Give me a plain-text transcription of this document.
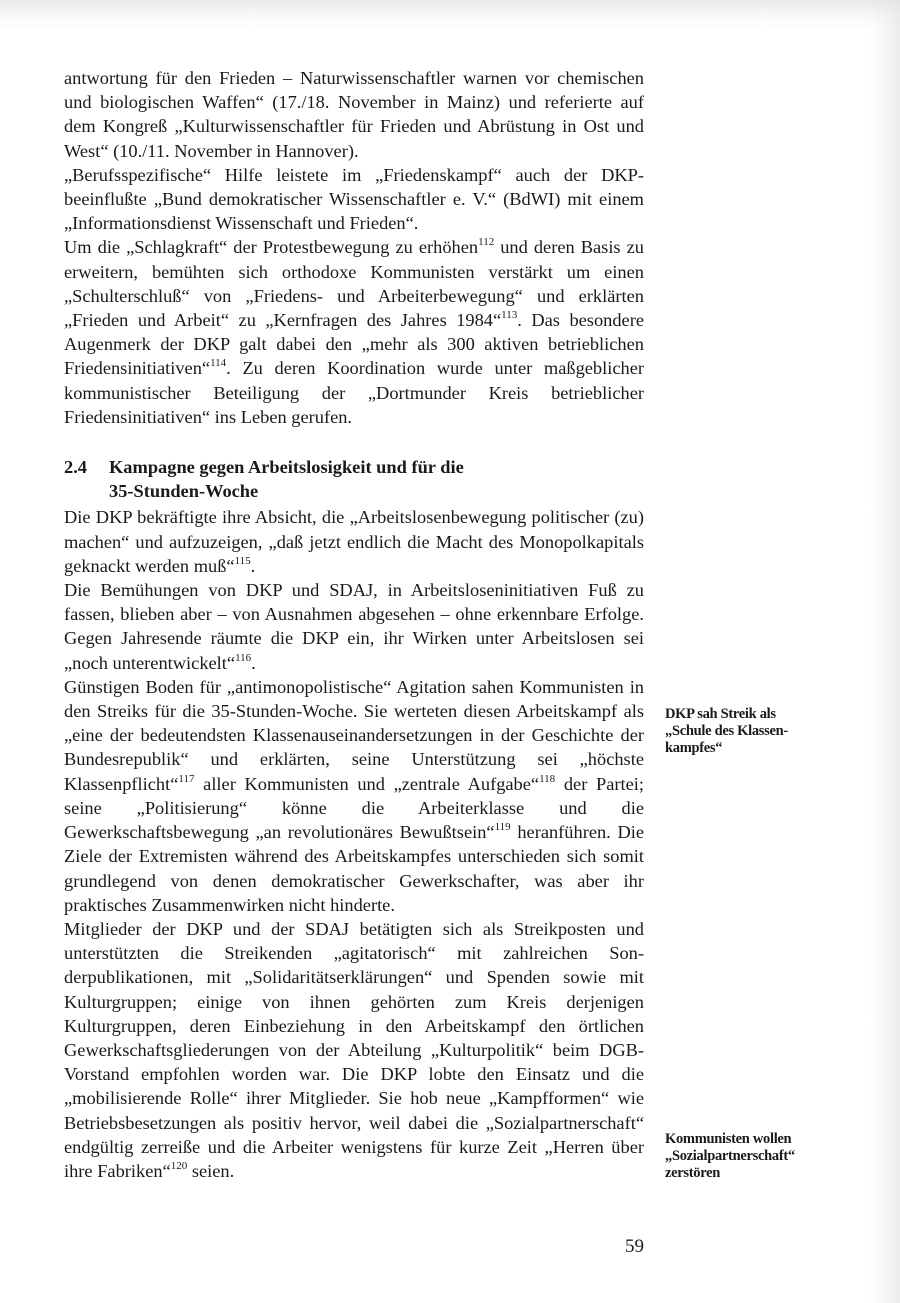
antwortung für den Frieden – Naturwissenschaftler warnen vor chemischen und biologischen Waffen“ (17./18. November in Mainz) und referierte auf dem Kongreß „Kulturwissenschaftler für Frieden und Abrüstung in Ost und West“ (10./11. November in Hannover).

„Berufsspezifische“ Hilfe leistete im „Friedenskampf“ auch der DKP-beeinflußte „Bund demokratischer Wissenschaftler e. V.“ (BdWI) mit einem „Informationsdienst Wissenschaft und Frieden“.

Um die „Schlagkraft“ der Protestbewegung zu erhöhen$^{112}$ und deren Basis zu erweitern, bemühten sich orthodoxe Kommunisten verstärkt um einen „Schulterschluß“ von „Friedens- und Arbeiterbewegung“ und erklärten „Frieden und Arbeit“ zu „Kernfragen des Jahres 1984“$^{113}$. Das besondere Augenmerk der DKP galt dabei den „mehr als 300 aktiven betrieblichen Friedensinitiativen“$^{114}$. Zu deren Koordination wurde unter maßgeblicher kommunistischer Beteiligung der „Dortmunder Kreis betrieblicher Friedensinitiativen“ ins Leben gerufen.

2.4	Kampagne gegen Arbeitslosigkeit und für die
35-Stunden-Woche

Die DKP bekräftigte ihre Absicht, die „Arbeitslosenbewegung politischer (zu) machen“ und aufzuzeigen, „daß jetzt endlich die Macht des Monopolkapitals geknackt werden muß“$^{115}$.

Die Bemühungen von DKP und SDAJ, in Arbeitsloseninitiativen Fuß zu fassen, blieben aber – von Ausnahmen abgesehen – ohne erkennbare Erfolge. Gegen Jahresende räumte die DKP ein, ihr Wirken unter Arbeitslosen sei „noch unterentwickelt“$^{116}$.

Günstigen Boden für „antimonopolistische“ Agitation sahen Kommunisten in den Streiks für die 35-Stunden-Woche. Sie werteten diesen Arbeitskampf als „eine der bedeutendsten Klassenauseinandersetzungen in der Geschichte der Bundesrepublik“ und erklärten, seine Unterstützung sei „höchste Klassenpflicht“$^{117}$ aller Kommunisten und „zentrale Aufgabe“$^{118}$ der Partei; seine „Politisierung“ könne die Arbeiterklasse und die Gewerkschaftsbewegung „an revolutionäres Bewußtsein“$^{119}$ heranführen. Die Ziele der Extremisten während des Arbeitskampfes unterschieden sich somit grundlegend von denen demokratischer Gewerkschafter, was aber ihr praktisches Zusammenwirken nicht hinderte.

Mitglieder der DKP und der SDAJ betätigten sich als Streikposten und unterstützten die Streikenden „agitatorisch“ mit zahlreichen Sonderpublikationen, mit „Solidaritätserklärungen“ und Spenden sowie mit Kulturgruppen; einige von ihnen gehörten zum Kreis derjenigen Kulturgruppen, deren Einbeziehung in den Arbeitskampf den örtlichen Gewerkschaftsgliederungen von der Abteilung „Kulturpolitik“ beim DGB-Vorstand empfohlen worden war. Die DKP lobte den Einsatz und die „mobilisierende Rolle“ ihrer Mitglieder. Sie hob neue „Kampfformen“ wie Betriebsbesetzungen als positiv hervor, weil dabei die „Sozialpartnerschaft“ endgültig zerreiße und die Arbeiter wenigstens für kurze Zeit „Herren über ihre Fabriken“$^{120}$ seien.

DKP sah Streik als
„Schule des Klassen-
kampfes“
Kommunisten wollen
„Sozialpartnerschaft“
zerstören
59
